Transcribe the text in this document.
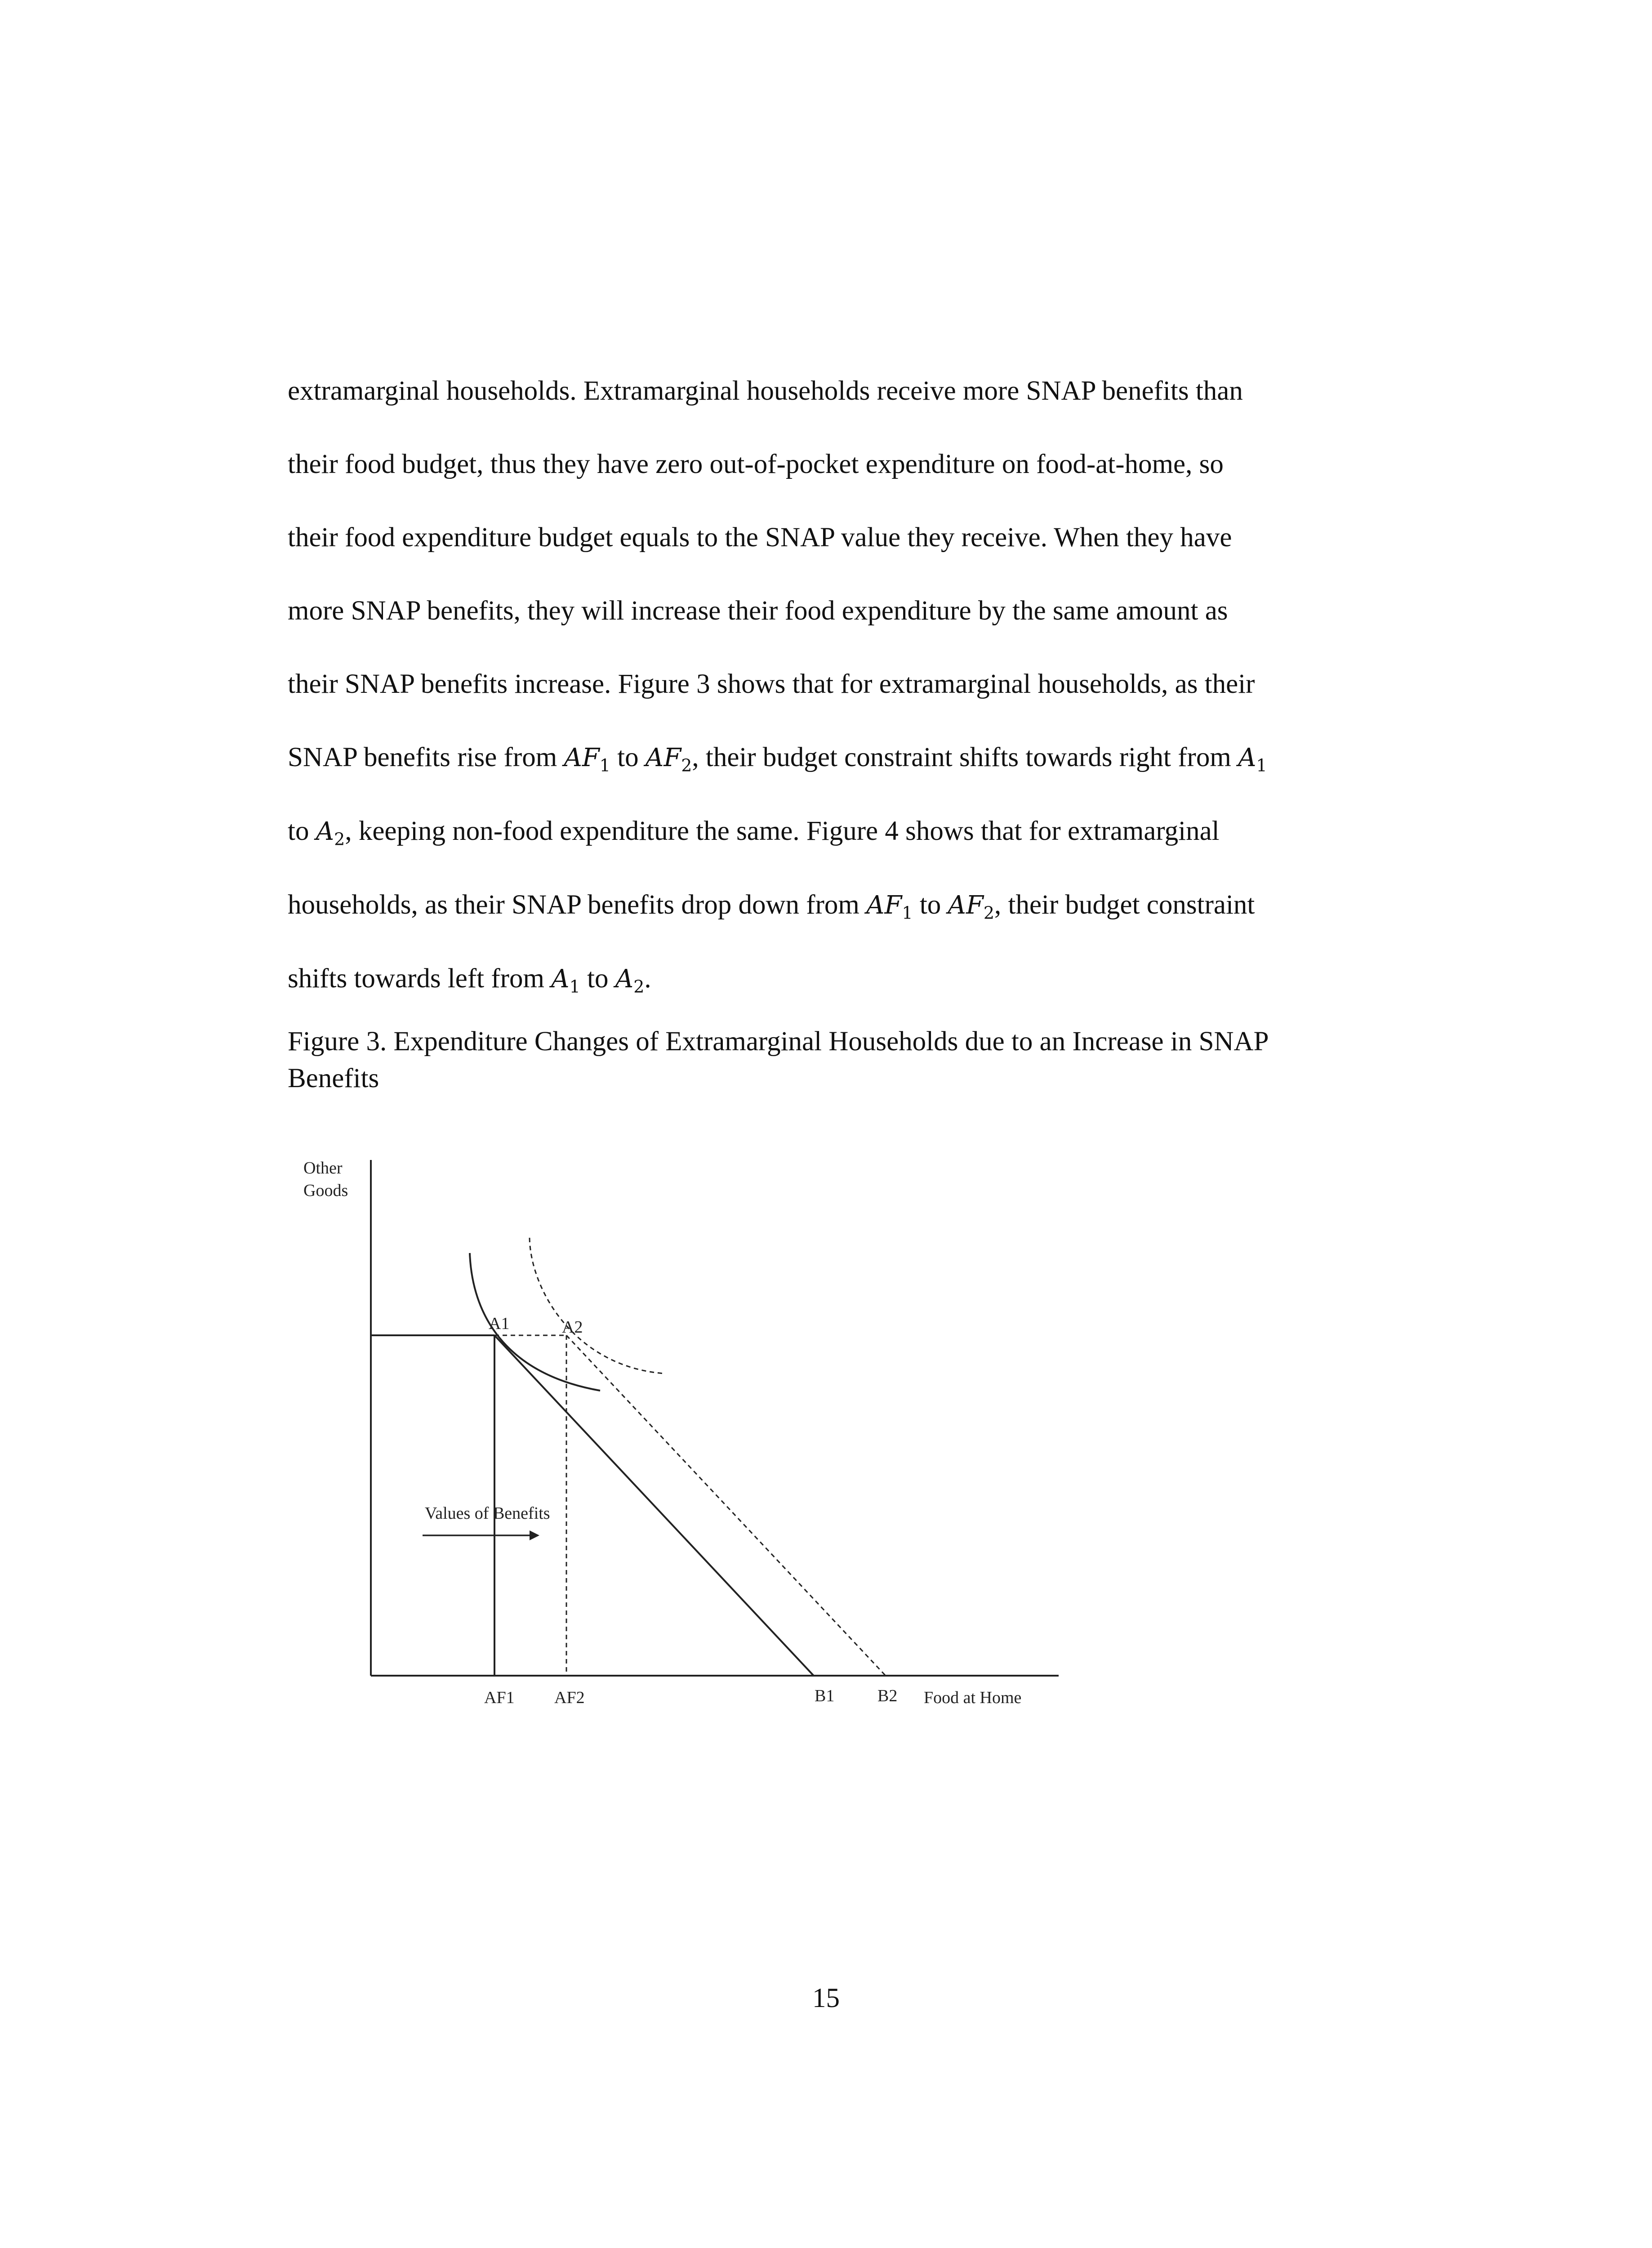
extramarginal households. Extramarginal households receive more SNAP benefits than
their food budget, thus they have zero out-of-pocket expenditure on food-at-home, so
their food expenditure budget equals to the SNAP value they receive. When they have
more SNAP benefits, they will increase their food expenditure by the same amount as
their SNAP benefits increase. Figure 3 shows that for extramarginal households, as their
SNAP benefits rise from $AF_1$ to $AF_2$, their budget constraint shifts towards right from $A_1$
to $A_2$, keeping non-food expenditure the same. Figure 4 shows that for extramarginal
households, as their SNAP benefits drop down from $AF_1$ to $AF_2$, their budget constraint
shifts towards left from $A_1$ to $A_2$.
Figure 3. Expenditure Changes of Extramarginal Households due to an Increase in SNAP
Benefits
Other
Goods
A1	A2
Values of Benefits
AF1 AF2	B1	B2 Food at Home
15
